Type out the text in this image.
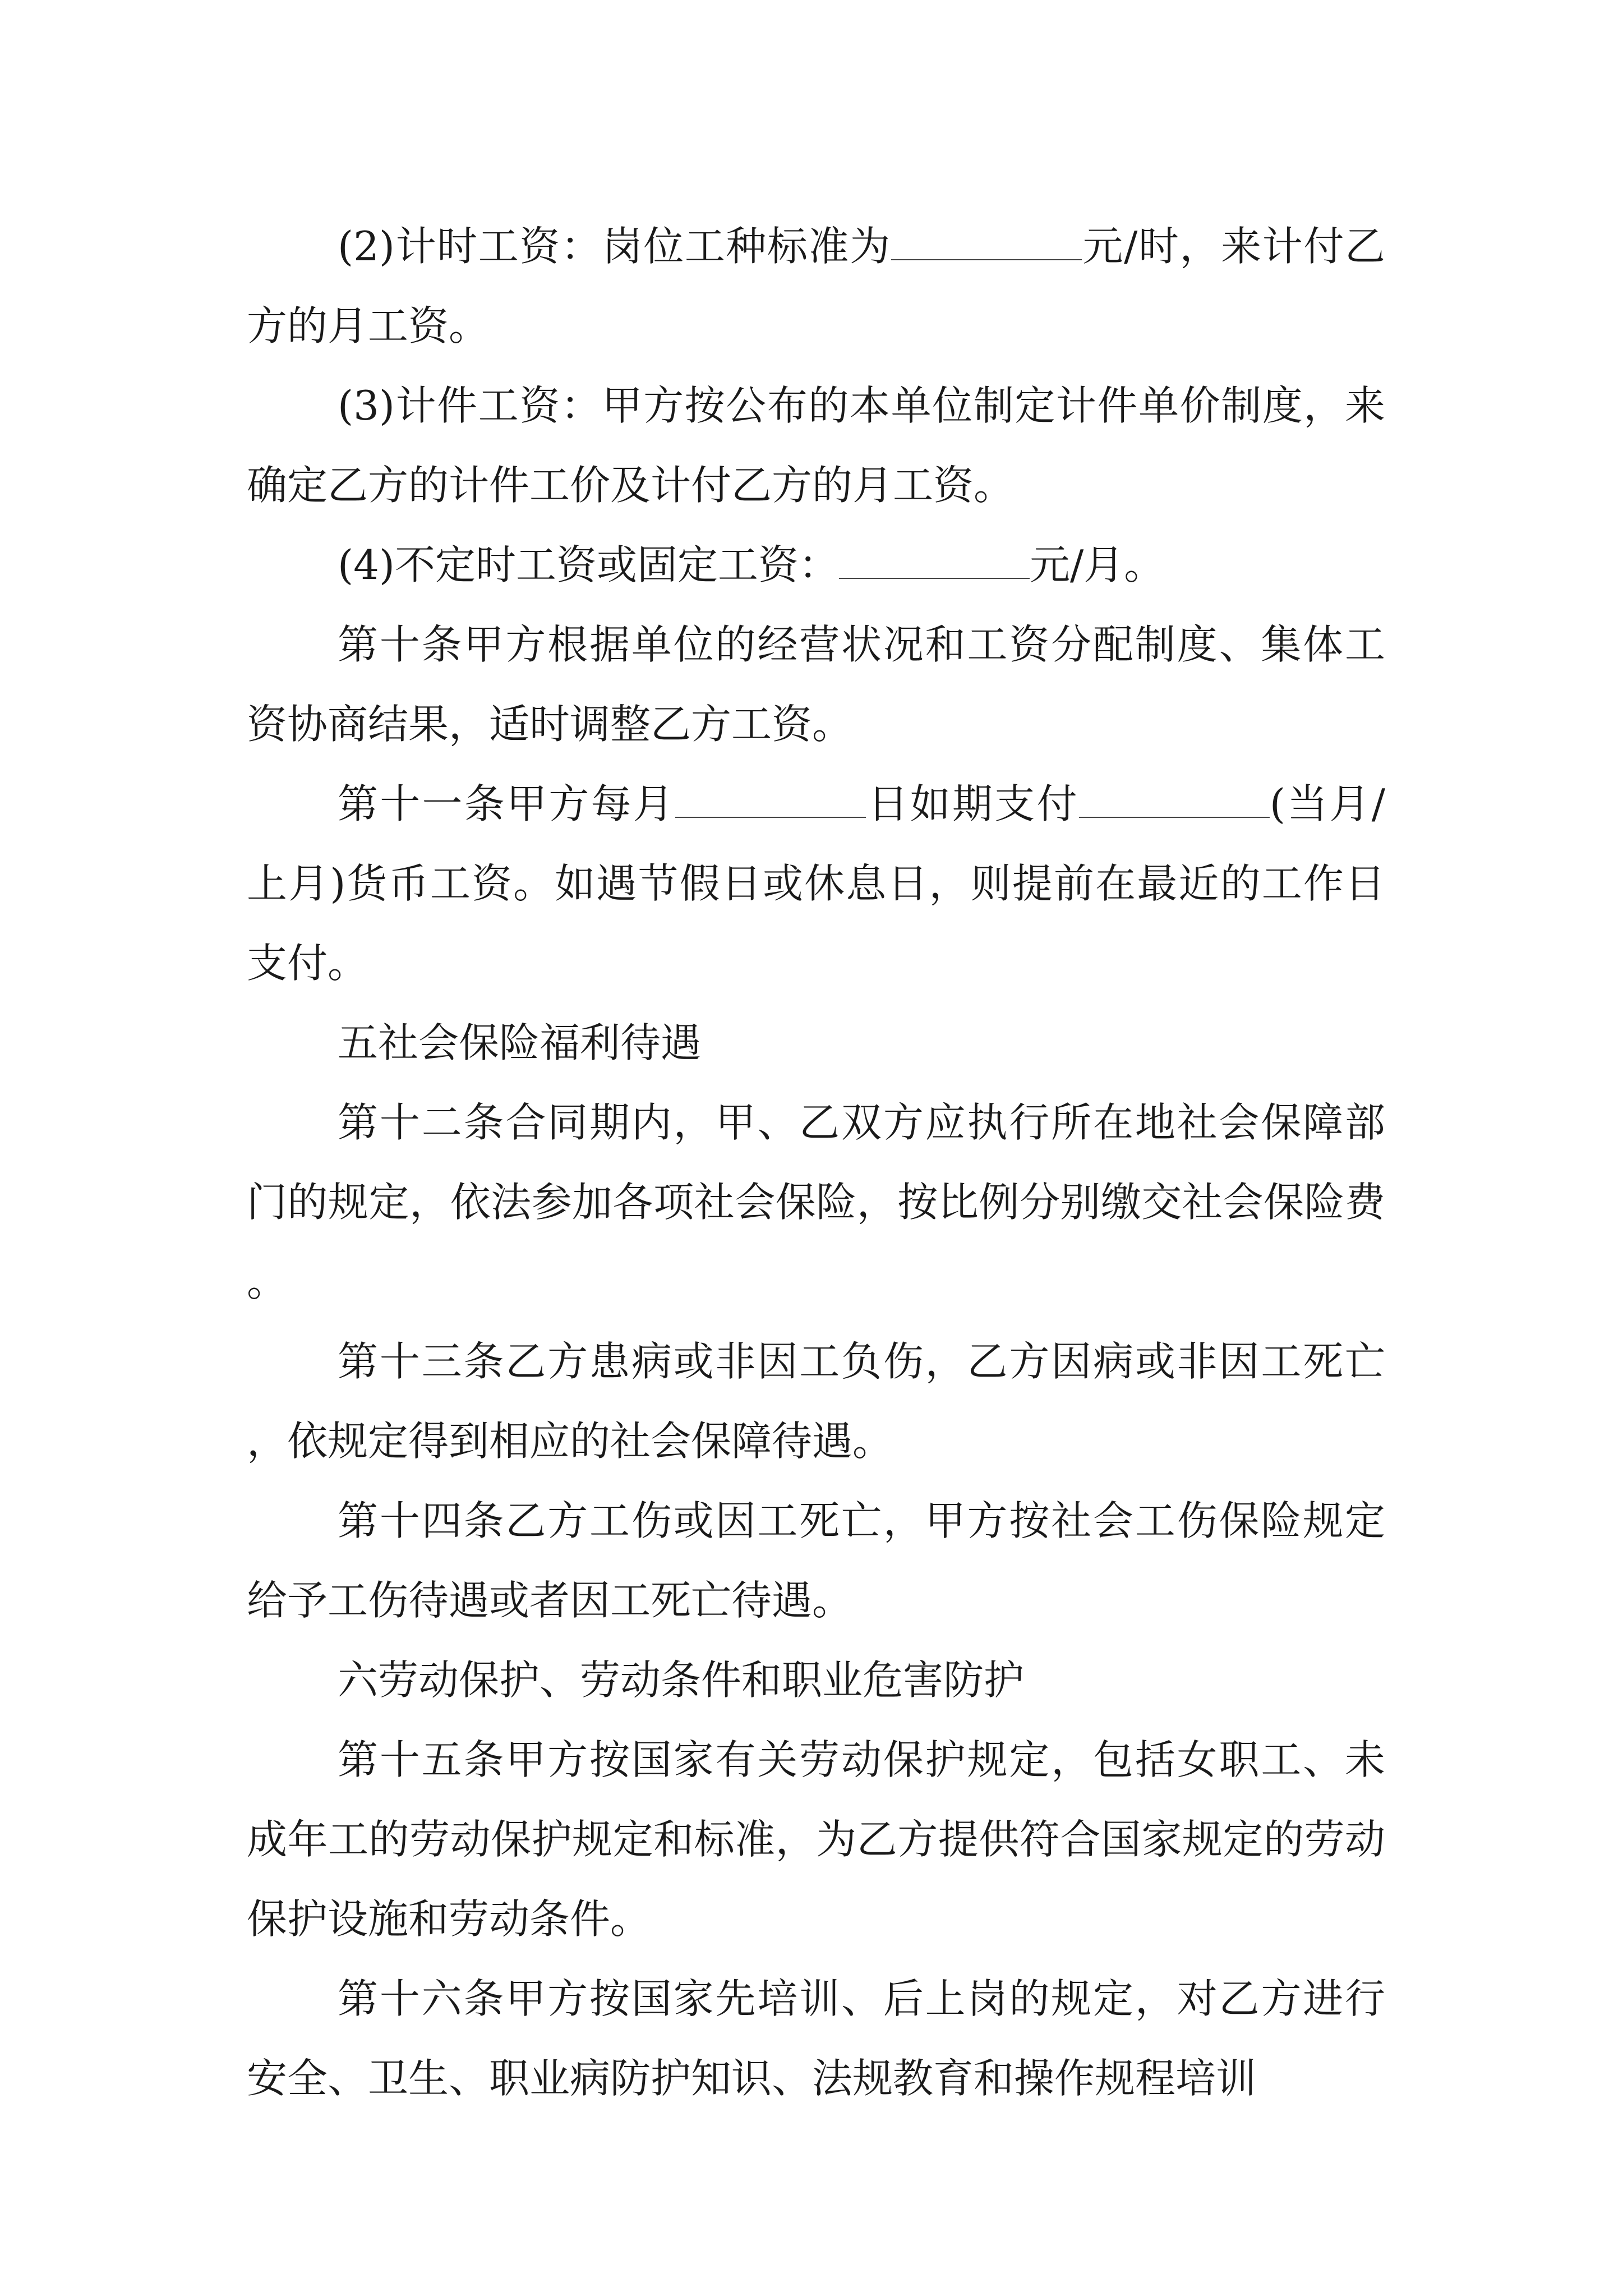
(2)计时工资：岗位工种标准为	元/时，来计付乙方的月工资。

(3)计件工资：甲方按公布的本单位制定计件单价制度，来确定乙方的计件工价及计付乙方的月工资。

(4)不定时工资或固定工资：	元/月。

第十条甲方根据单位的经营状况和工资分配制度、集体工资协商结果，适时调整乙方工资。

第十一条甲方每月	日如期支付	(当月/上月)货币工资。如遇节假日或休息日，则提前在最近的工作日支付。

五社会保险福利待遇

第十二条合同期内，甲、乙双方应执行所在地社会保障部门的规定，依法参加各项社会保险，按比例分别缴交社会保险费。

第十三条乙方患病或非因工负伤，乙方因病或非因工死亡，依规定得到相应的社会保障待遇。

第十四条乙方工伤或因工死亡，甲方按社会工伤保险规定给予工伤待遇或者因工死亡待遇。

六劳动保护、劳动条件和职业危害防护

第十五条甲方按国家有关劳动保护规定，包括女职工、未成年工的劳动保护规定和标准，为乙方提供符合国家规定的劳动保护设施和劳动条件。

第十六条甲方按国家先培训、后上岗的规定，对乙方进行安全、卫生、职业病防护知识、法规教育和操作规程培训
